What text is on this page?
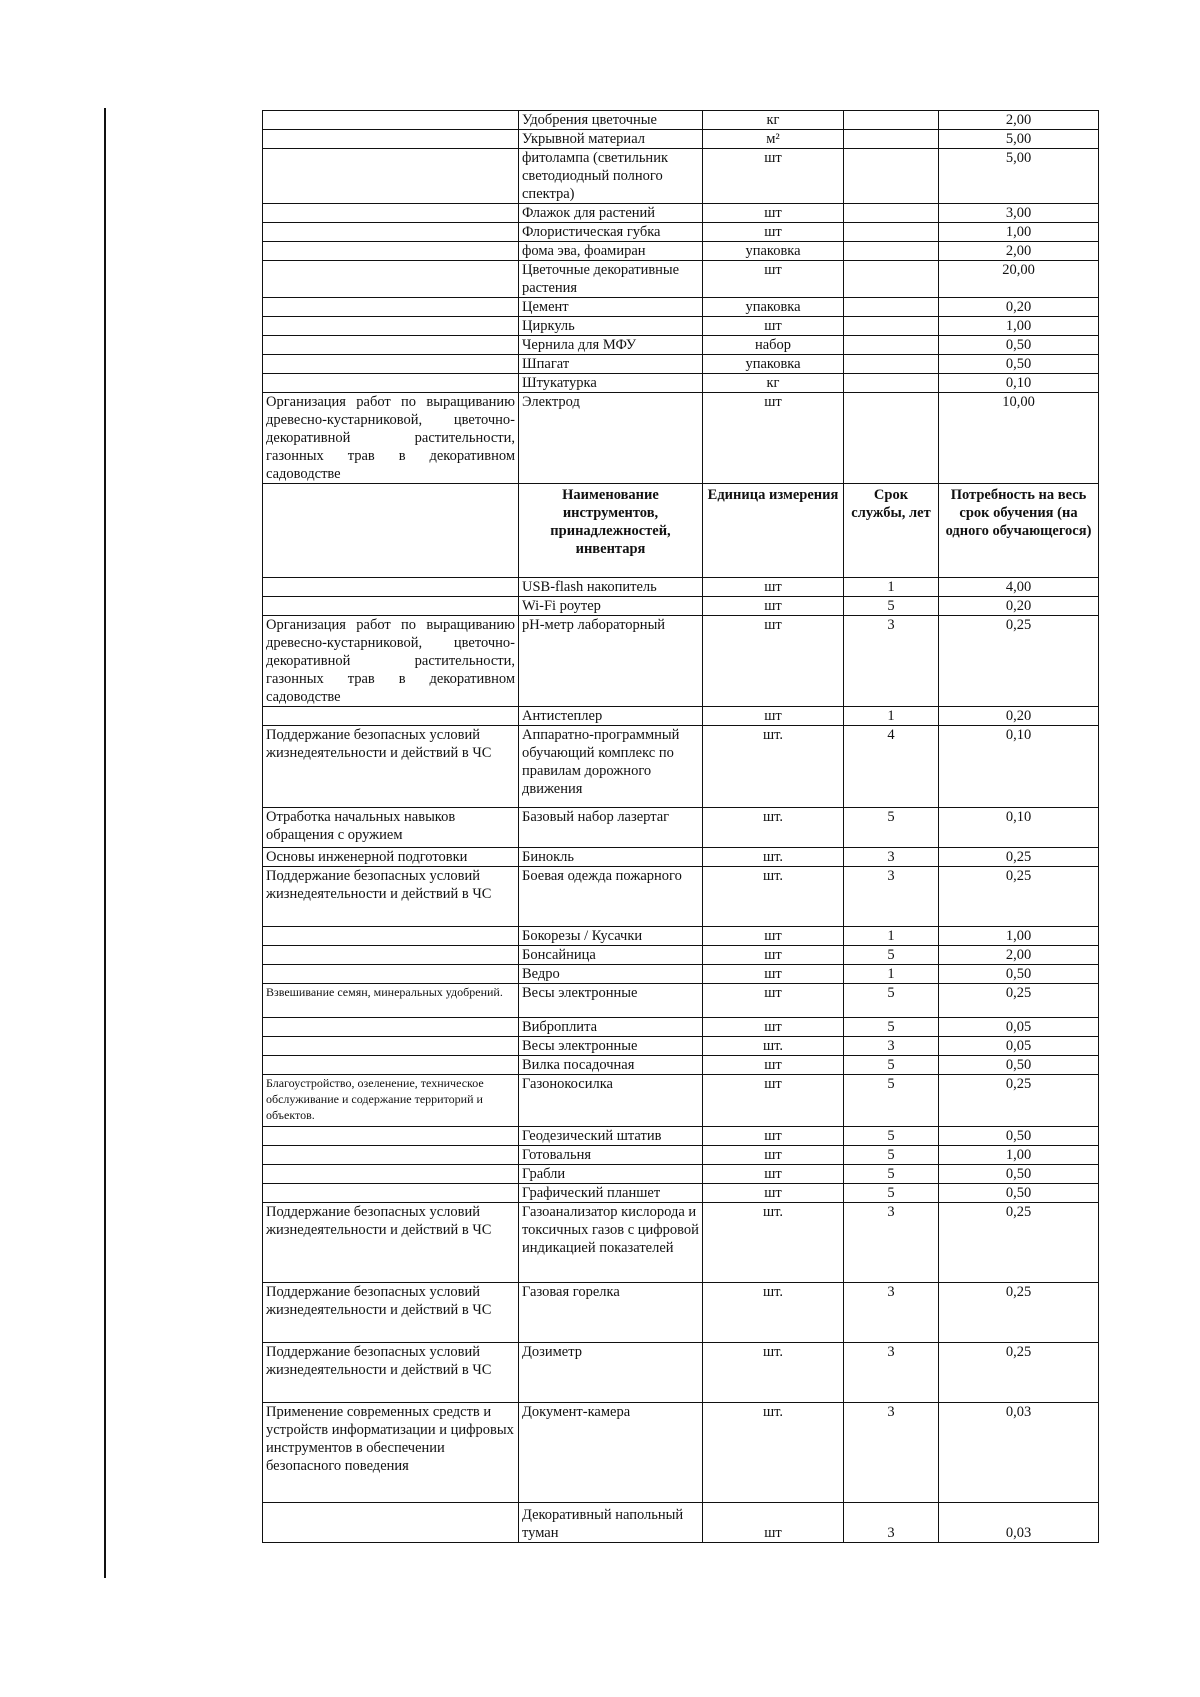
	Удобрения цветочные	кг		2,00
	Укрывной материал	м²		5,00
	фитолампа (светильник светодиодный полного спектра)	шт		5,00
	Флажок для растений	шт		3,00
	Флористическая губка	шт		1,00
	фома эва, фоамиран	упаковка		2,00
	Цветочные декоративные растения	шт		20,00
	Цемент	упаковка		0,20
	Циркуль	шт		1,00
	Чернила для МФУ	набор		0,50
	Шпагат	упаковка		0,50
	Штукатурка	кг		0,10
Организация работ по выращиванию древесно-кустарниковой, цветочно-декоративной растительности, газонных трав в декоративном садоводстве	Электрод	шт		10,00
	Наименование инструментов, принадлежностей, инвентаря	Единица измерения	Срок службы, лет	Потребность на весь срок обучения (на одного обучающегося)
	USB-flash накопитель	шт	1	4,00
	Wi-Fi роутер	шт	5	0,20
Организация работ по выращиванию древесно-кустарниковой, цветочно-декоративной растительности, газонных трав в декоративном садоводстве	pH-метр лабораторный	шт	3	0,25
	Антистеплер	шт	1	0,20
Поддержание безопасных условий жизнедеятельности и действий в ЧС	Аппаратно-программный обучающий комплекс по правилам дорожного движения	шт.	4	0,10
Отработка начальных навыков обращения с оружием	Базовый набор лазертаг	шт.	5	0,10
Основы инженерной подготовки	Бинокль	шт.	3	0,25
Поддержание безопасных условий жизнедеятельности и действий в ЧС	Боевая одежда пожарного	шт.	3	0,25
	Бокорезы / Кусачки	шт	1	1,00
	Бонсайница	шт	5	2,00
	Ведро	шт	1	0,50
Взвешивание семян, минеральных удобрений.	Весы электронные	шт	5	0,25
	Виброплита	шт	5	0,05
	Весы электронные	шт.	3	0,05
	Вилка посадочная	шт	5	0,50
Благоустройство, озеленение, техническое обслуживание и содержание территорий и объектов.	Газонокосилка	шт	5	0,25
	Геодезический штатив	шт	5	0,50
	Готовальня	шт	5	1,00
	Грабли	шт	5	0,50
	Графический планшет	шт	5	0,50
Поддержание безопасных условий жизнедеятельности и действий в ЧС	Газоанализатор кислорода и токсичных газов с цифровой индикацией показателей	шт.	3	0,25
Поддержание безопасных условий жизнедеятельности и действий в ЧС	Газовая горелка	шт.	3	0,25
Поддержание безопасных условий жизнедеятельности и действий в ЧС	Дозиметр	шт.	3	0,25
Применение современных средств и устройств информатизации и цифровых инструментов в обеспечении безопасного поведения	Документ-камера	шт.	3	0,03
	Декоративный напольный туман	шт	3	0,03
